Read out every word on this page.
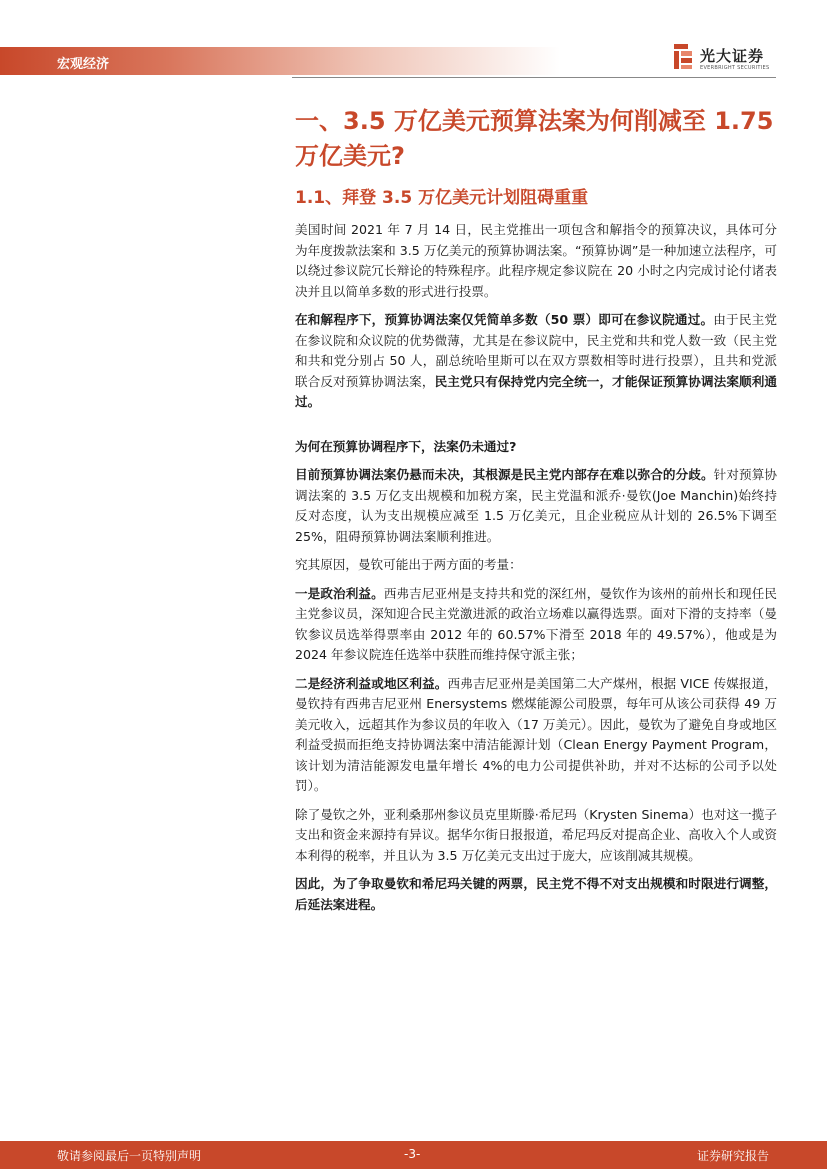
宏观经济	光大证券
EVERBRIGHT SECURITIES
一、3.5 万亿美元预算法案为何削减至 1.75 万亿美元?
1.1、拜登 3.5 万亿美元计划阻碍重重

美国时间 2021 年 7 月 14 日，民主党推出一项包含和解指令的预算决议，具体可分为年度拨款法案和 3.5 万亿美元的预算协调法案。“预算协调”是一种加速立法程序，可以绕过参议院冗长辩论的特殊程序。此程序规定参议院在 20 小时之内完成讨论付诸表决并且以简单多数的形式进行投票。

在和解程序下，预算协调法案仅凭简单多数（50 票）即可在参议院通过。由于民主党在参议院和众议院的优势微薄，尤其是在参议院中，民主党和共和党人数一致（民主党和共和党分别占 50 人，副总统哈里斯可以在双方票数相等时进行投票），且共和党派联合反对预算协调法案，民主党只有保持党内完全统一，才能保证预算协调法案顺利通过。

为何在预算协调程序下，法案仍未通过?

目前预算协调法案仍悬而未决，其根源是民主党内部存在难以弥合的分歧。针对预算协调法案的 3.5 万亿支出规模和加税方案，民主党温和派乔·曼钦(Joe Manchin)始终持反对态度，认为支出规模应减至 1.5 万亿美元，且企业税应从计划的 26.5%下调至 25%，阻碍预算协调法案顺利推进。

究其原因，曼钦可能出于两方面的考量：

一是政治利益。西弗吉尼亚州是支持共和党的深红州，曼钦作为该州的前州长和现任民主党参议员，深知迎合民主党激进派的政治立场难以赢得选票。面对下滑的支持率（曼钦参议员选举得票率由 2012 年的 60.57%下滑至 2018 年的 49.57%），他或是为 2024 年参议院连任选举中获胜而维持保守派主张；

二是经济利益或地区利益。西弗吉尼亚州是美国第二大产煤州，根据 VICE 传媒报道，曼钦持有西弗吉尼亚州 Enersystems 燃煤能源公司股票，每年可从该公司获得 49 万美元收入，远超其作为参议员的年收入（17 万美元）。因此，曼钦为了避免自身或地区利益受损而拒绝支持协调法案中清洁能源计划（Clean Energy Payment Program，该计划为清洁能源发电量年增长 4%的电力公司提供补助，并对不达标的公司予以处罚）。

除了曼钦之外，亚利桑那州参议员克里斯滕·希尼玛（Krysten Sinema）也对这一揽子支出和资金来源持有异议。据华尔街日报报道，希尼玛反对提高企业、高收入个人或资本利得的税率，并且认为 3.5 万亿美元支出过于庞大，应该削减其规模。

因此，为了争取曼钦和希尼玛关键的两票，民主党不得不对支出规模和时限进行调整，后延法案进程。

敬请参阅最后一页特别声明	-3-	证券研究报告
